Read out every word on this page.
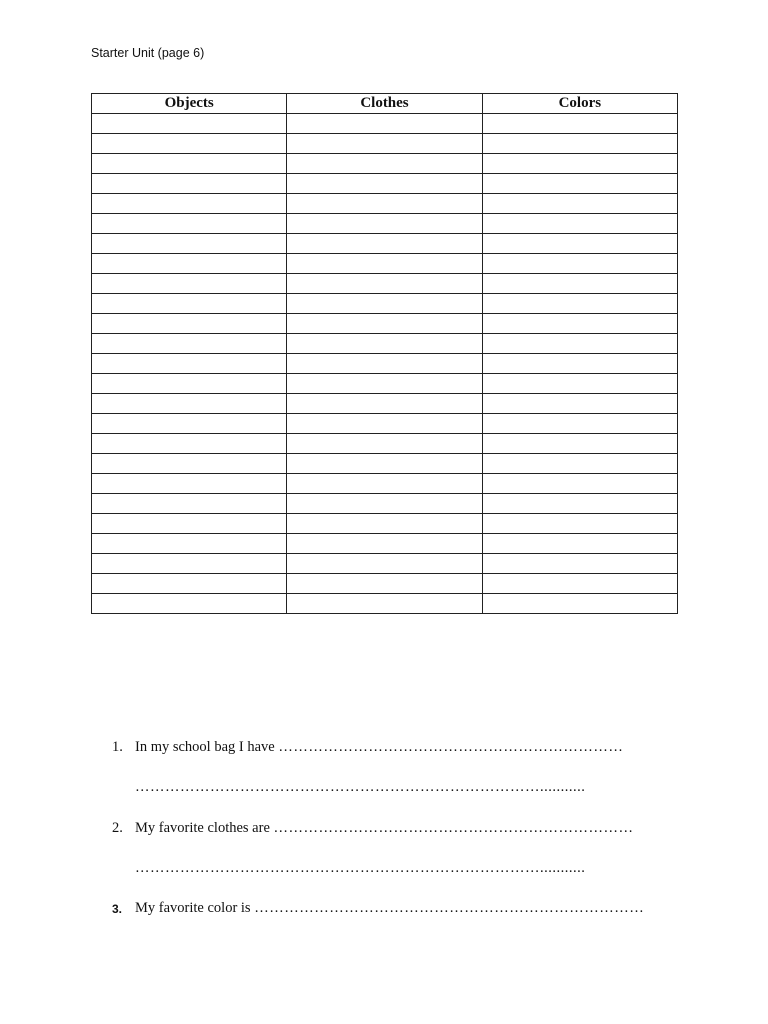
Starter Unit (page 6)
Objects	Clothes	Colors

1. In my school bag I have ……………………………………………………………
………………………………………………………………………...........
2. My favorite clothes are ………………………………………………………………
………………………………………………………………………...........
3. My favorite color is ……………………………………………………………………
